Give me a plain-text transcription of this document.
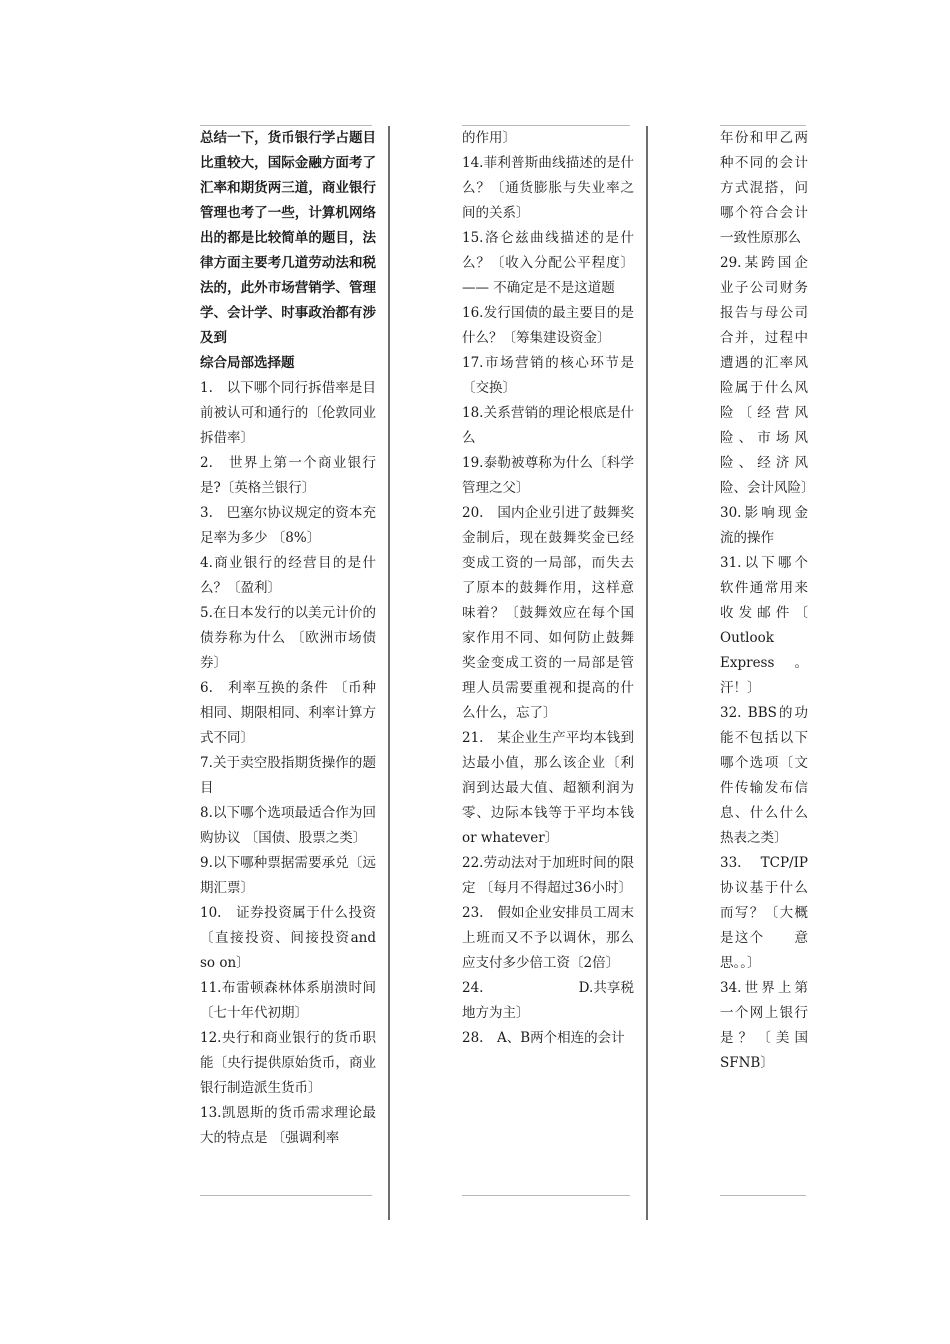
总结一下，货币银行学占题目比重较大，国际金融方面考了汇率和期货两三道，商业银行管理也考了一些，计算机网络出的都是比较简单的题目，法律方面主要考几道劳动法和税法的，此外市场营销学、管理学、会计学、时事政治都有涉及到

综合局部选择题

1.　以下哪个同行拆借率是目前被认可和通行的〔伦敦同业拆借率〕

2.　世界上第一个商业银行是?〔英格兰银行〕

3.　巴塞尔协议规定的资本充足率为多少 〔8%〕

4.商业银行的经营目的是什么？〔盈利〕

5.在日本发行的以美元计价的债券称为什么 〔欧洲市场债券〕

6.　利率互换的条件 〔币种相同、期限相同、利率计算方式不同〕

7.关于卖空股指期货操作的题目

8.以下哪个选项最适合作为回购协议 〔国债、股票之类〕

9.以下哪种票据需要承兑〔远期汇票〕

10.　证券投资属于什么投资〔直接投资、间接投资and so on〕

11.布雷顿森林体系崩溃时间 〔七十年代初期〕

12.央行和商业银行的货币职能〔央行提供原始货币，商业银行制造派生货币〕

13.凯恩斯的货币需求理论最大的特点是 〔强调利率

的作用〕

14.菲利普斯曲线描述的是什么？〔通货膨胀与失业率之间的关系〕

15.洛仑兹曲线描述的是什么？〔收入分配公平程度〕—— 不确定是不是这道题

16.发行国债的最主要目的是什么？〔筹集建设资金〕

17.市场营销的核心环节是〔交换〕

18.关系营销的理论根底是什么

19.泰勒被尊称为什么〔科学管理之父〕

20.　国内企业引进了鼓舞奖金制后，现在鼓舞奖金已经变成工资的一局部，而失去了原本的鼓舞作用，这样意味着？〔鼓舞效应在每个国家作用不同、如何防止鼓舞奖金变成工资的一局部是管理人员需要重视和提高的什么什么，忘了〕

21.　某企业生产平均本钱到达最小值，那么该企业〔利润到达最大值、超额利润为零、边际本钱等于平均本钱 or whatever〕

22.劳动法对于加班时间的限定 〔每月不得超过36小时〕

23.　假如企业安排员工周末上班而又不予以调休，那么应支付多少倍工资〔2倍〕

24.　　　　　　　D.共享税地方为主〕

28.　A、B两个相连的会计

年份和甲乙两种不同的会计方式混搭，问哪个符合会计一致性原那么

29.某跨国企业子公司财务报告与母公司合并，过程中遭遇的汇率风险属于什么风险〔经营风险、市场风险、经济风险、会计风险〕

30.影响现金流的操作

31.以下哪个软件通常用来收发邮件〔　Outlook Express　。汗！〕

32. BBS的功能不包括以下哪个选项〔文件传输发布信息、什么什么热表之类〕

33.　TCP/IP协议基于什么而写？〔大概是这个　　意思。。〕

34.世界上第一个网上银行是？〔美国SFNB〕
